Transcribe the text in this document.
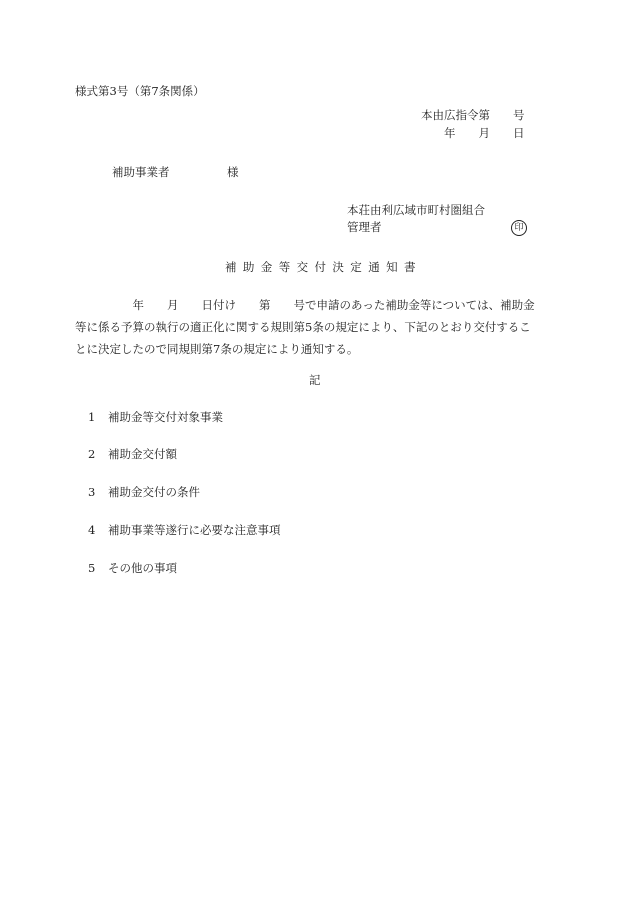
様式第3号（第7条関係）
本由広指令第　　号
年　　月　　日
補助事業者　　　　　様
本荘由利広域市町村圏組合
管理者	印
補助金等交付決定通知書
　　　　　年　　月　　日付け　　第　　号で申請のあった補助金等については、補助金
等に係る予算の執行の適正化に関する規則第5条の規定により、下記のとおり交付するこ
とに決定したので同規則第7条の規定により通知する。
記
1 補助金等交付対象事業
2 補助金交付額
3 補助金交付の条件
4 補助事業等遂行に必要な注意事項
5 その他の事項
